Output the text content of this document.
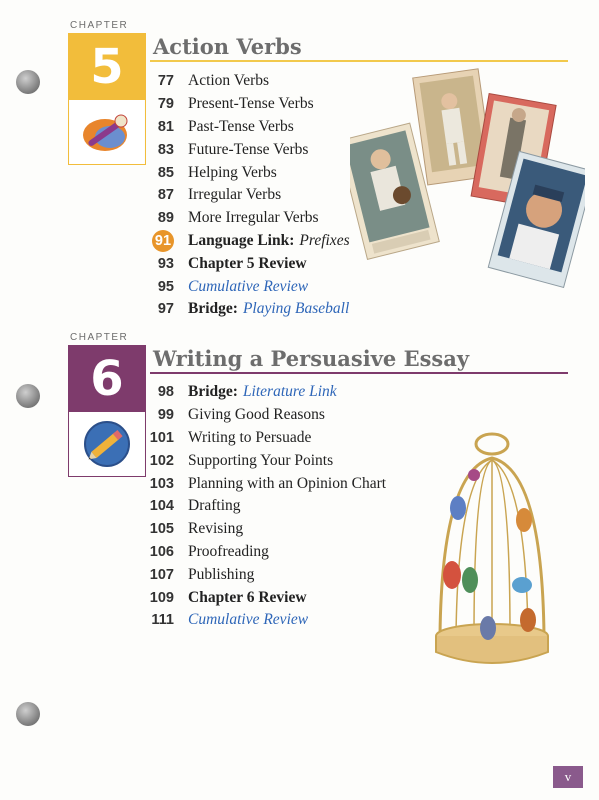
CHAPTER
5	Action Verbs
77 Action Verbs
79 Present-Tense Verbs
81 Past-Tense Verbs
83 Future-Tense Verbs
85 Helping Verbs
87 Irregular Verbs
89 More Irregular Verbs
91 Language Link: Prefixes
93 Chapter 5 Review
95 Cumulative Review
97 Bridge: Playing Baseball
CHAPTER
6	Writing a Persuasive Essay
98 Bridge: Literature Link
99 Giving Good Reasons
101 Writing to Persuade
102 Supporting Your Points
103 Planning with an Opinion Chart
104 Drafting
105 Revising
106 Proofreading
107 Publishing
109 Chapter 6 Review
111 Cumulative Review
v
